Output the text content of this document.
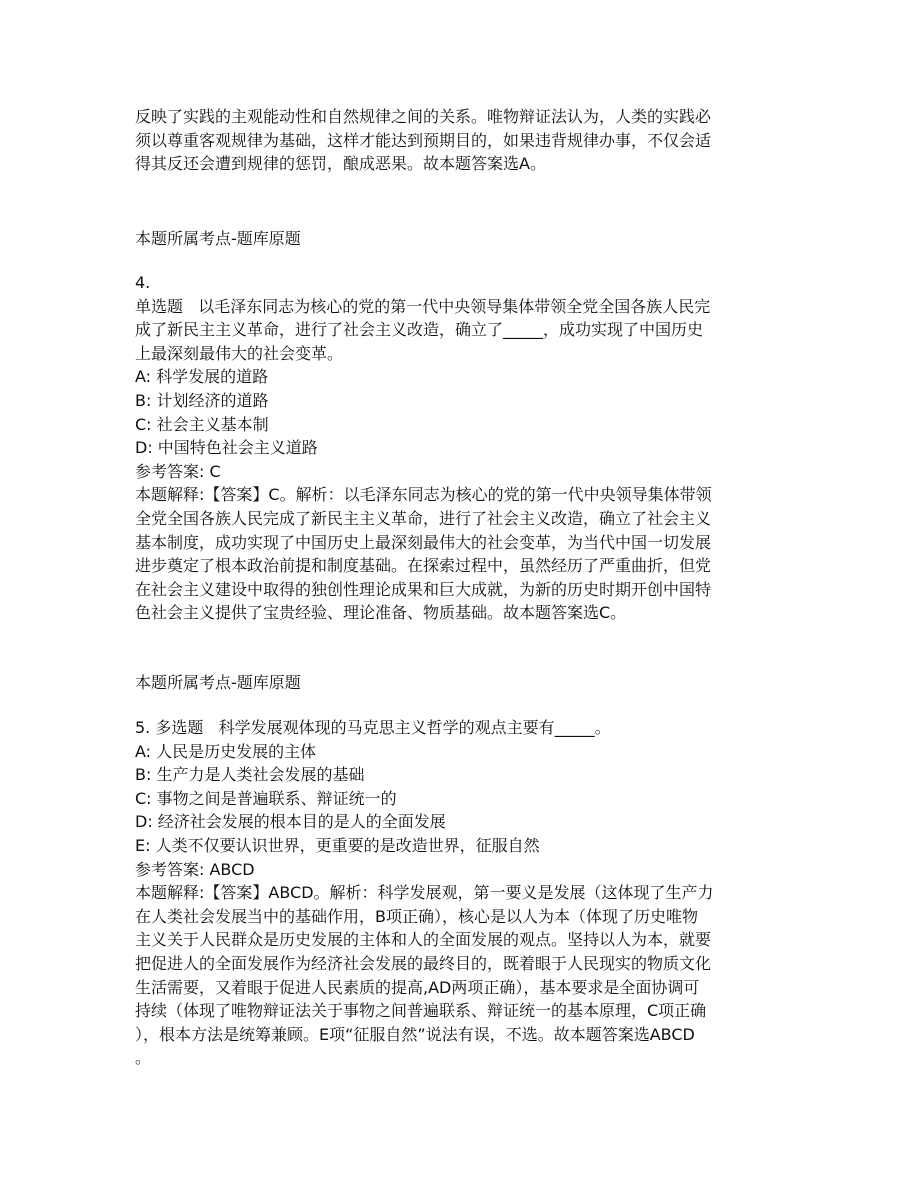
反映了实践的主观能动性和自然规律之间的关系。唯物辩证法认为，人类的实践必
须以尊重客观规律为基础，这样才能达到预期目的，如果违背规律办事，不仅会适
得其反还会遭到规律的惩罚，酿成恶果。故本题答案选A。
本题所属考点-题库原题
4.
单选题   以毛泽东同志为核心的党的第一代中央领导集体带领全党全国各族人民完
成了新民主主义革命，进行了社会主义改造，确立了_____，成功实现了中国历史
上最深刻最伟大的社会变革。
A: 科学发展的道路
B: 计划经济的道路
C: 社会主义基本制
D: 中国特色社会主义道路
参考答案: C
本题解释:【答案】C。解析：以毛泽东同志为核心的党的第一代中央领导集体带领
全党全国各族人民完成了新民主主义革命，进行了社会主义改造，确立了社会主义
基本制度，成功实现了中国历史上最深刻最伟大的社会变革，为当代中国一切发展
进步奠定了根本政治前提和制度基础。在探索过程中，虽然经历了严重曲折，但党
在社会主义建设中取得的独创性理论成果和巨大成就，为新的历史时期开创中国特
色社会主义提供了宝贵经验、理论准备、物质基础。故本题答案选C。
本题所属考点-题库原题
5. 多选题   科学发展观体现的马克思主义哲学的观点主要有_____。
A: 人民是历史发展的主体
B: 生产力是人类社会发展的基础
C: 事物之间是普遍联系、辩证统一的
D: 经济社会发展的根本目的是人的全面发展
E: 人类不仅要认识世界，更重要的是改造世界，征服自然
参考答案: ABCD
本题解释:【答案】ABCD。解析：科学发展观，第一要义是发展（这体现了生产力
在人类社会发展当中的基础作用，B项正确），核心是以人为本（体现了历史唯物
主义关于人民群众是历史发展的主体和人的全面发展的观点。坚持以人为本，就要
把促进人的全面发展作为经济社会发展的最终目的，既着眼于人民现实的物质文化
生活需要，又着眼于促进人民素质的提高,AD两项正确），基本要求是全面协调可
持续（体现了唯物辩证法关于事物之间普遍联系、辩证统一的基本原理，C项正确
），根本方法是统筹兼顾。E项“征服自然”说法有误，不选。故本题答案选ABCD
。
